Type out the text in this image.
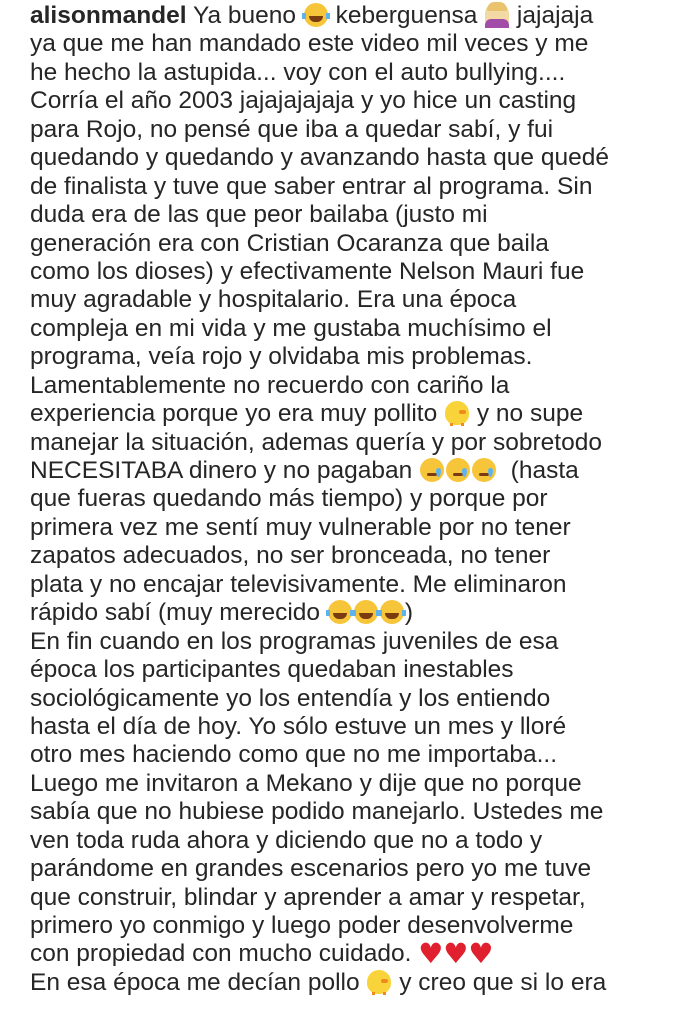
alisonmandel Ya bueno  keberguensa  jajajaja
ya que me han mandado este video mil veces y me
he hecho la astupida... voy con el auto bullying....
Corría el año 2003 jajajajajaja y yo hice un casting
para Rojo, no pensé que iba a quedar sabí, y fui
quedando y quedando y avanzando hasta que quedé
de finalista y tuve que saber entrar al programa. Sin
duda era de las que peor bailaba (justo mi
generación era con Cristian Ocaranza que baila
como los dioses) y efectivamente Nelson Mauri fue
muy agradable y hospitalario. Era una época
compleja en mi vida y me gustaba muchísimo el
programa, veía rojo y olvidaba mis problemas.
Lamentablemente no recuerdo con cariño la
experiencia porque yo era muy pollito  y no supe
manejar la situación, ademas quería y por sobretodo
NECESITABA dinero y no pagaban	(hasta
que fueras quedando más tiempo) y porque por
primera vez me sentí muy vulnerable por no tener
zapatos adecuados, no ser bronceada, no tener
plata y no encajar televisivamente. Me eliminaron
rápido sabí (muy merecido	)
En fin cuando en los programas juveniles de esa
época los participantes quedaban inestables
sociológicamente yo los entendía y los entiendo
hasta el día de hoy. Yo sólo estuve un mes y lloré
otro mes haciendo como que no me importaba...
Luego me invitaron a Mekano y dije que no porque
sabía que no hubiese podido manejarlo. Ustedes me
ven toda ruda ahora y diciendo que no a todo y
parándome en grandes escenarios pero yo me tuve
que construir, blindar y aprender a amar y respetar,
primero yo conmigo y luego poder desenvolverme
con propiedad con mucho cuidado. ♥♥♥
En esa época me decían pollo  y creo que si lo era
